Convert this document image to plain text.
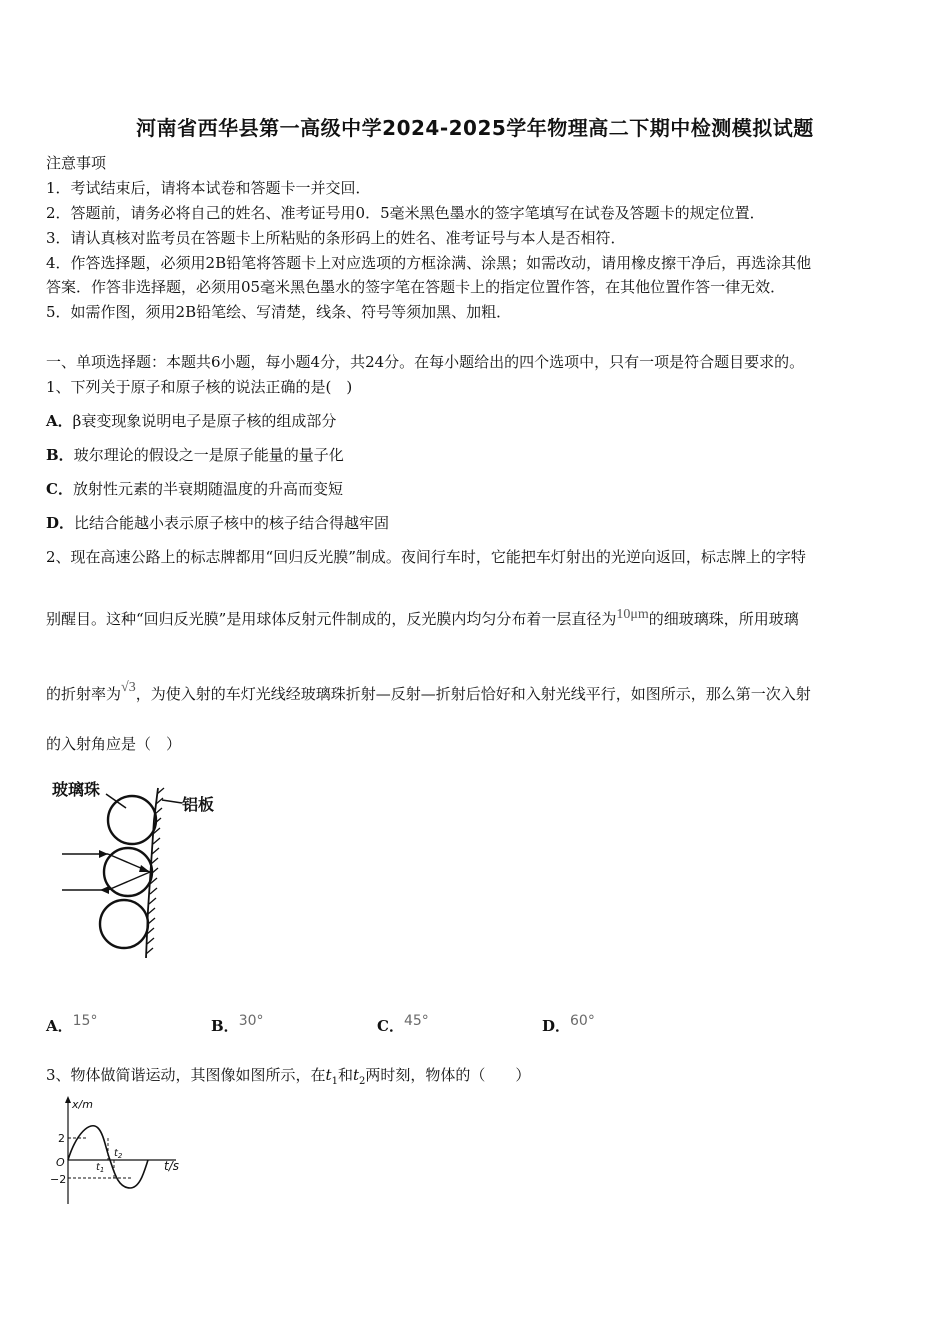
河南省西华县第一高级中学2024-2025学年物理高二下期中检测模拟试题
注意事项
1．考试结束后，请将本试卷和答题卡一并交回．
2．答题前，请务必将自己的姓名、准考证号用0．5毫米黑色墨水的签字笔填写在试卷及答题卡的规定位置．
3．请认真核对监考员在答题卡上所粘贴的条形码上的姓名、准考证号与本人是否相符．
4．作答选择题，必须用2B铅笔将答题卡上对应选项的方框涂满、涂黑；如需改动，请用橡皮擦干净后，再选涂其他
答案．作答非选择题，必须用05毫米黑色墨水的签字笔在答题卡上的指定位置作答，在其他位置作答一律无效．
5．如需作图，须用2B铅笔绘、写清楚，线条、符号等须加黑、加粗．
一、单项选择题：本题共6小题，每小题4分，共24分。在每小题给出的四个选项中，只有一项是符合题目要求的。
1、下列关于原子和原子核的说法正确的是(　)
A．β衰变现象说明电子是原子核的组成部分
B．玻尔理论的假设之一是原子能量的量子化
C．放射性元素的半衰期随温度的升高而变短
D．比结合能越小表示原子核中的核子结合得越牢固
2、现在高速公路上的标志牌都用“回归反光膜”制成。夜间行车时，它能把车灯射出的光逆向返回，标志牌上的字特
别醒目。这种“回归反光膜”是用球体反射元件制成的，反光膜内均匀分布着一层直径为10μm的细玻璃珠，所用玻璃
的折射率为√3，为使入射的车灯光线经玻璃珠折射—反射—折射后恰好和入射光线平行，如图所示，那么第一次入射
的入射角应是（　）
玻璃珠
铝板
A．15°	B．30°	C．45°	D．60°
3、物体做简谐运动，其图像如图所示，在$t_1$和$t_2$两时刻，物体的（　　）
x/m
t/s
O
2
−2
$t_1$
$t_2$
